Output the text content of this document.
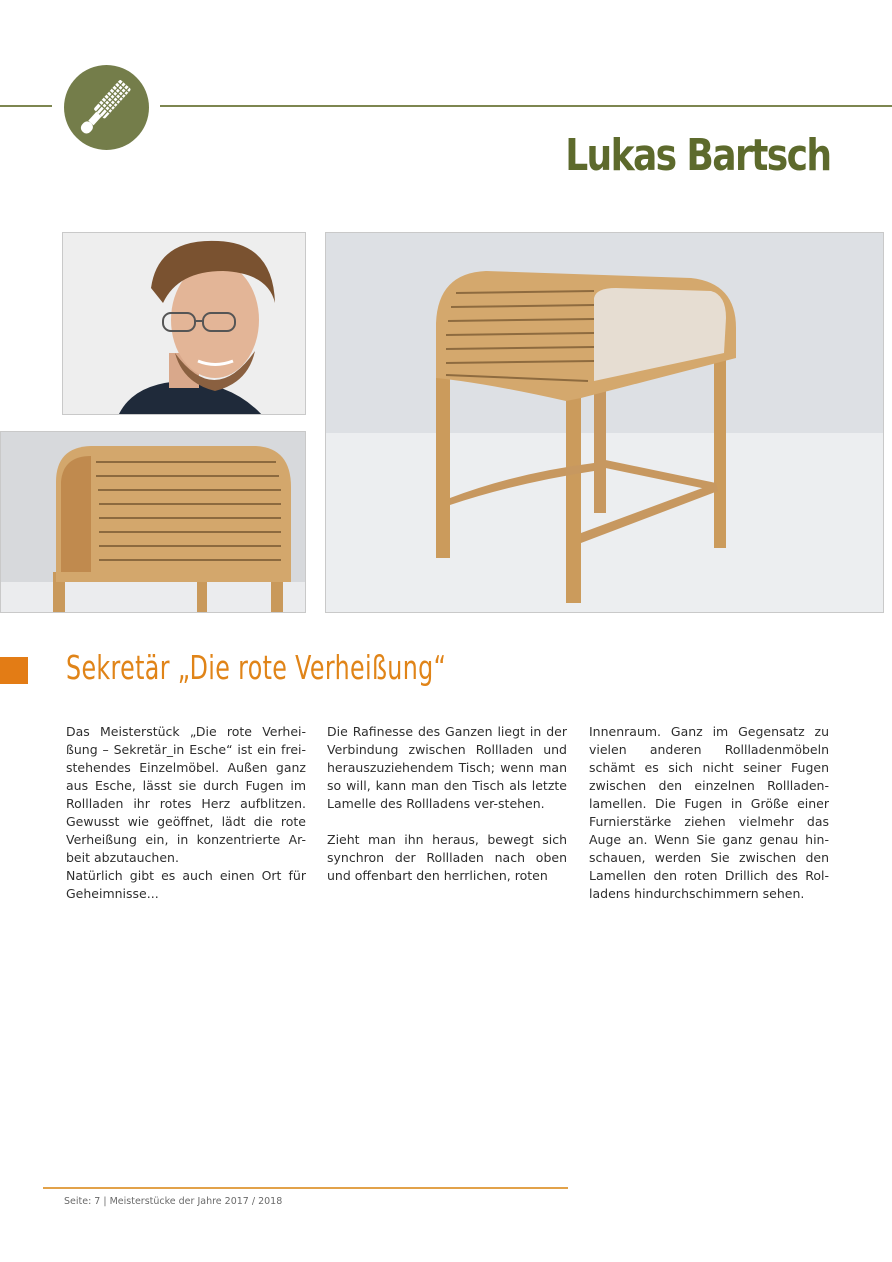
Lukas Bartsch
Sekretär „Die rote Verheißung“

Das Meisterstück „Die rote Verhei-ßung – Sekretär_in Esche“ ist ein frei-stehendes Einzelmöbel. Außen ganz aus Esche, lässt sie durch Fugen im Rollladen ihr rotes Herz aufblitzen. Gewusst wie geöffnet, lädt die rote Verheißung ein, in konzentrierte Ar-beit abzutauchen.

Natürlich gibt es auch einen Ort für Geheimnisse...

Die Rafinesse des Ganzen liegt in der Verbindung zwischen Rollladen und herauszuziehendem Tisch; wenn man so will, kann man den Tisch als letzte Lamelle des Rollladens ver-stehen.

Zieht man ihn heraus, bewegt sich synchron der Rollladen nach oben und offenbart den herrlichen, roten

Innenraum. Ganz im Gegensatz zu vielen anderen Rollladenmöbeln schämt es sich nicht seiner Fugen zwischen den einzelnen Rollladen-lamellen. Die Fugen in Größe einer Furnierstärke ziehen vielmehr das Auge an. Wenn Sie ganz genau hin-schauen, werden Sie zwischen den Lamellen den roten Drillich des Rol-ladens hindurchschimmern sehen.

Seite: 7 | Meisterstücke der Jahre 2017 / 2018
